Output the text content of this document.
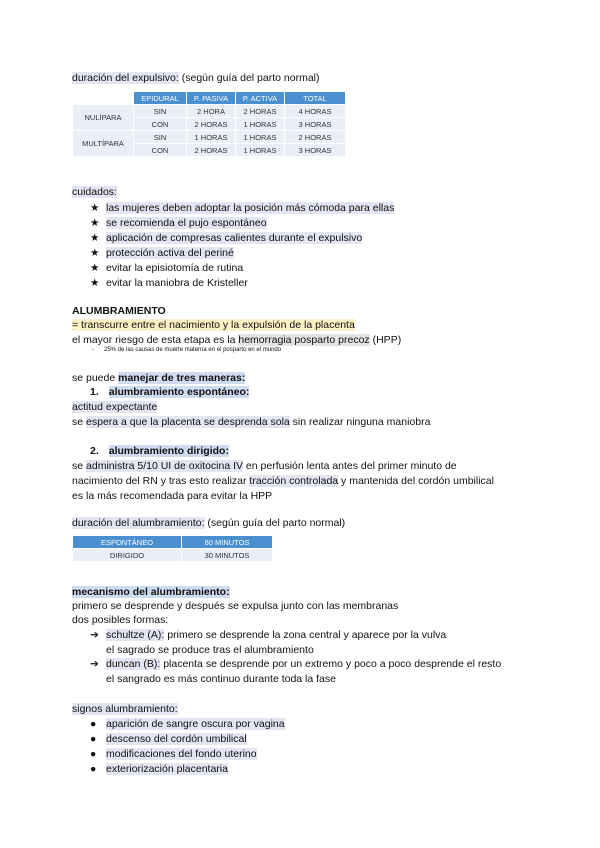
duración del expulsivo: (según guía del parto normal)
	EPIDURAL	P. PASIVA	P. ACTIVA	TOTAL
NULÍPARA	SIN	2 HORA	2 HORAS	4 HORAS
	CON	2 HORAS	1 HORAS	3 HORAS
MULTÍPARA	SIN	1 HORAS	1 HORAS	2 HORAS
	CON	2 HORAS	1 HORAS	3 HORAS
cuidados:
★ las mujeres deben adoptar la posición más cómoda para ellas
★ se recomienda el pujo espontáneo
★ aplicación de compresas calientes durante el expulsivo
★ protección activa del periné
★ evitar la episiotomía de rutina
★ evitar la maniobra de Kristeller
ALUMBRAMIENTO
= transcurre entre el nacimiento y la expulsión de la placenta
el mayor riesgo de esta etapa es la hemorragia posparto precoz (HPP)
- 25% de las causas de muerte materna en el posparto en el mundo
se puede manejar de tres maneras:
1. alumbramiento espontáneo:
actitud expectante
se espera a que la placenta se desprenda sola sin realizar ninguna maniobra
2. alumbramiento dirigido:
se administra 5/10 UI de oxitocina IV en perfusión lenta antes del primer minuto de
nacimiento del RN y tras esto realizar tracción controlada y mantenida del cordón umbilical
es la más recomendada para evitar la HPP
duración del alumbramiento: (según guía del parto normal)
ESPONTÁNEO	60 MINUTOS
DIRIGIDO	30 MINUTOS
mecanismo del alumbramiento:
primero se desprende y después se expulsa junto con las membranas
dos posibles formas:
➔ schultze (A): primero se desprende la zona central y aparece por la vulva
el sagrado se produce tras el alumbramiento
➔ duncan (B): placenta se desprende por un extremo y poco a poco desprende el resto
el sangrado es más continuo durante toda la fase
signos alumbramiento:
● aparición de sangre oscura por vagina
● descenso del cordón umbilical
● modificaciones del fondo uterino
● exteriorización placentaria
